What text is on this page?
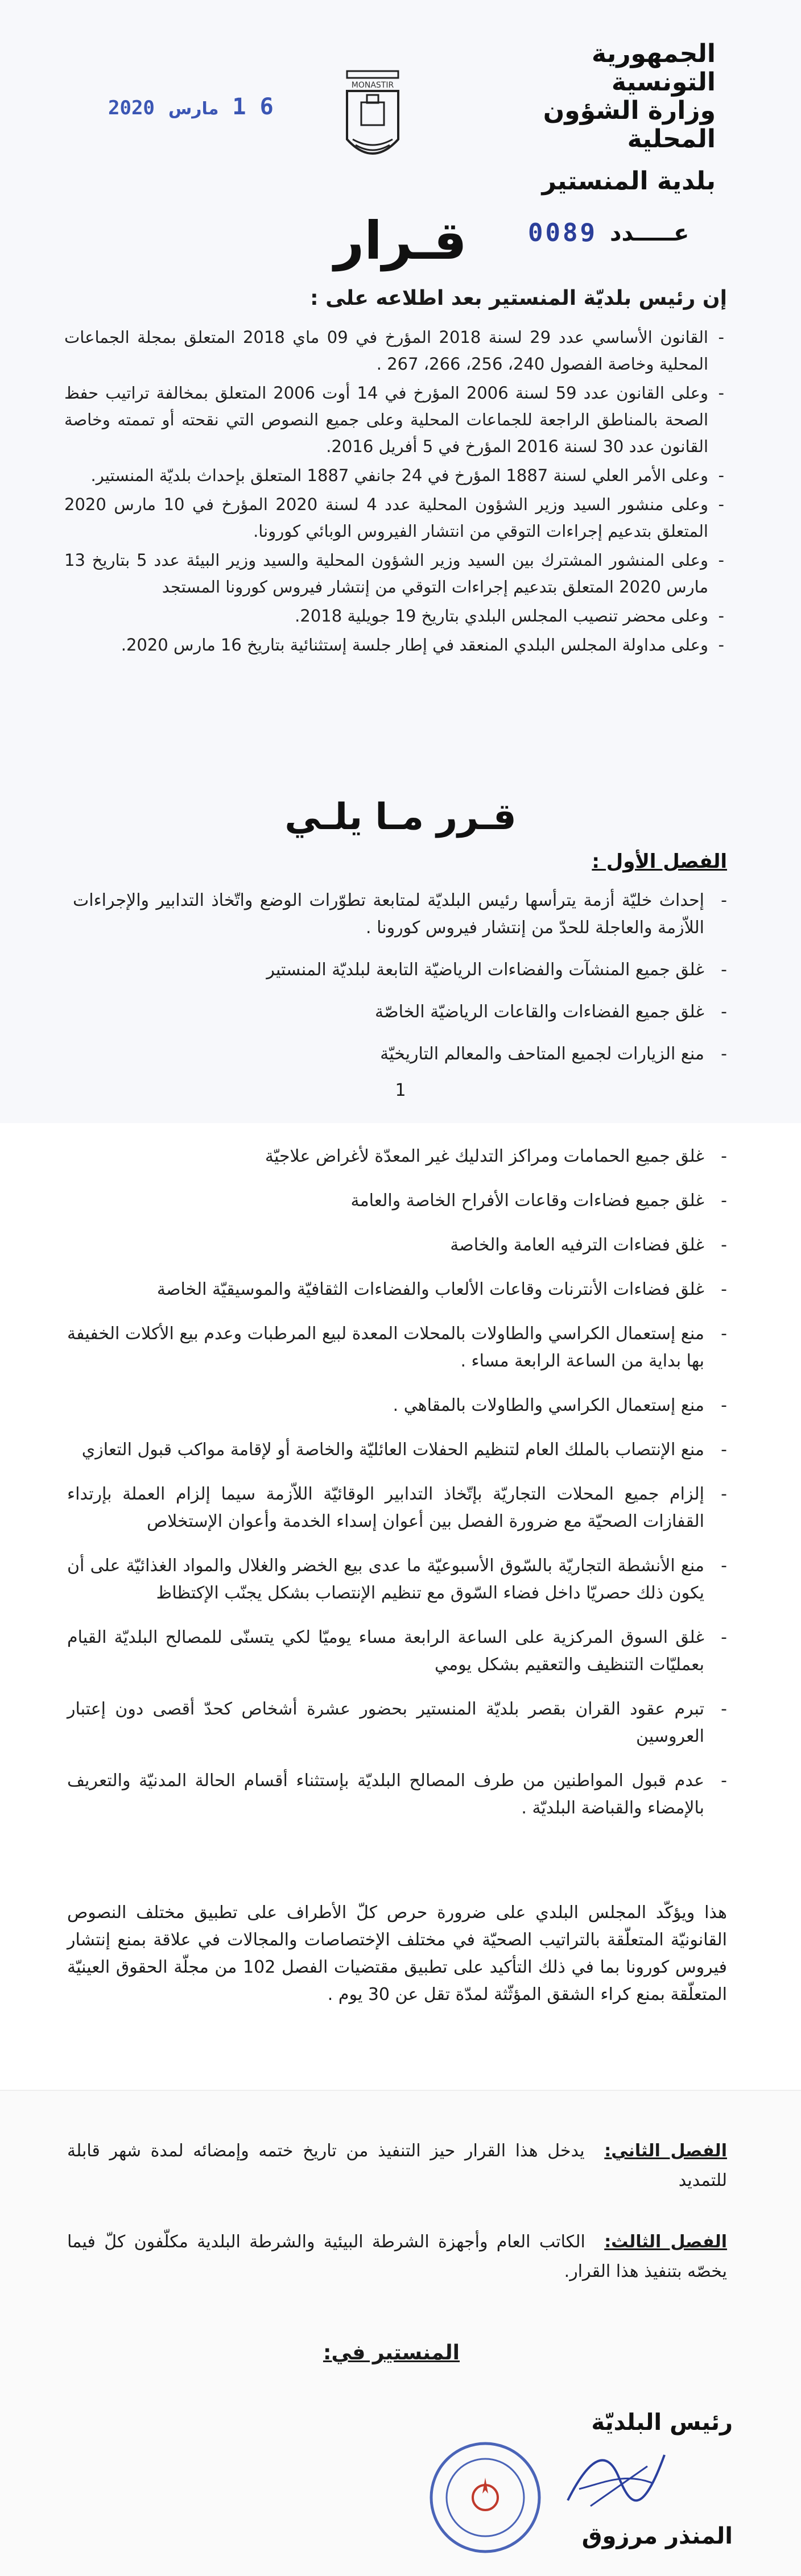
الجمهورية التونسية
وزارة الشؤون المحلية
بلدية المنستير
عـــــدد
0089
MONASTIR
2020 مارس 1 6
قـرار
إن رئيس بلديّة المنستير بعد اطلاعه على :
- القانون الأساسي عدد 29 لسنة 2018 المؤرخ في 09 ماي 2018 المتعلق بمجلة الجماعات المحلية وخاصة الفصول 240، 256، 266، 267 .
- وعلى القانون عدد 59 لسنة 2006 المؤرخ في 14 أوت 2006 المتعلق بمخالفة تراتيب حفظ الصحة بالمناطق الراجعة للجماعات المحلية وعلى جميع النصوص التي نقحته أو تممته وخاصة القانون عدد 30 لسنة 2016 المؤرخ في 5 أفريل 2016.
- وعلى الأمر العلي لسنة 1887 المؤرخ في 24 جانفي 1887 المتعلق بإحداث بلديّة المنستير.
- وعلى منشور السيد وزير الشؤون المحلية عدد 4 لسنة 2020 المؤرخ في 10 مارس 2020 المتعلق بتدعيم إجراءات التوقي من انتشار الفيروس الوبائي كورونا.
- وعلى المنشور المشترك بين السيد وزير الشؤون المحلية والسيد وزير البيئة عدد 5 بتاريخ 13 مارس 2020 المتعلق بتدعيم إجراءات التوقي من إنتشار فيروس كورونا المستجد
- وعلى محضر تنصيب المجلس البلدي بتاريخ 19 جويلية 2018.
- وعلى مداولة المجلس البلدي المنعقد في إطار جلسة إستثنائية بتاريخ 16 مارس 2020.
قـرر مـا يلـي
الفصل الأول :
- إحداث خليّة أزمة يترأسها رئيس البلديّة لمتابعة تطوّرات الوضع واتّخاذ التدابير والإجراءات اللاّزمة والعاجلة للحدّ من إنتشار فيروس كورونا .
- غلق جميع المنشآت والفضاءات الرياضيّة التابعة لبلديّة المنستير
- غلق جميع الفضاءات والقاعات الرياضيّة الخاصّة
- منع الزيارات لجميع المتاحف والمعالم التاريخيّة
1
- غلق جميع الحمامات ومراكز التدليك غير المعدّة لأغراض علاجيّة
- غلق جميع فضاءات وقاعات الأفراح الخاصة والعامة
- غلق فضاءات الترفيه العامة والخاصة
- غلق فضاءات الأنترنات وقاعات الألعاب والفضاءات الثقافيّة والموسيقيّة الخاصة
- منع إستعمال الكراسي والطاولات بالمحلات المعدة لبيع المرطبات وعدم بيع الأكلات الخفيفة بها بداية من الساعة الرابعة مساء .
- منع إستعمال الكراسي والطاولات بالمقاهي .
- منع الإنتصاب بالملك العام لتنظيم الحفلات العائليّة والخاصة أو لإقامة مواكب قبول التعازي
- إلزام جميع المحلات التجاريّة بإتّخاذ التدابير الوقائيّة اللاّزمة سيما إلزام العملة بإرتداء القفازات الصحيّة مع ضرورة الفصل بين أعوان إسداء الخدمة وأعوان الإستخلاص
- منع الأنشطة التجاريّة بالسّوق الأسبوعيّة ما عدى بيع الخضر والغلال والمواد الغذائيّة على أن يكون ذلك حصريّا داخل فضاء السّوق مع تنظيم الإنتصاب بشكل يجنّب الإكتظاظ
- غلق السوق المركزية على الساعة الرابعة مساء يوميّا لكي يتسنّى للمصالح البلديّة القيام بعمليّات التنظيف والتعقيم بشكل يومي
- تبرم عقود القران بقصر بلديّة المنستير بحضور عشرة أشخاص كحدّ أقصى دون إعتبار العروسين
- عدم قبول المواطنين من طرف المصالح البلديّة بإستثناء أقسام الحالة المدنيّة والتعريف بالإمضاء والقباضة البلديّة .
هذا ويؤكّد المجلس البلدي على ضرورة حرص كلّ الأطراف على تطبيق مختلف النصوص القانونيّة المتعلّقة بالتراتيب الصحيّة في مختلف الإختصاصات والمجالات في علاقة بمنع إنتشار فيروس كورونا بما في ذلك التأكيد على تطبيق مقتضيات الفصل 102 من مجلّة الحقوق العينيّة المتعلّقة بمنع كراء الشقق المؤثّثة لمدّة تقل عن 30 يوم .
الفصل الثاني: يدخل هذا القرار حيز التنفيذ من تاريخ ختمه وإمضائه لمدة شهر قابلة للتمديد
الفصل الثالث: الكاتب العام وأجهزة الشرطة البيئية والشرطة البلدية مكلّفون كلّ فيما يخصّه بتنفيذ هذا القرار.
المنستير في:
رئيس البلديّة
المنذر مرزوق
